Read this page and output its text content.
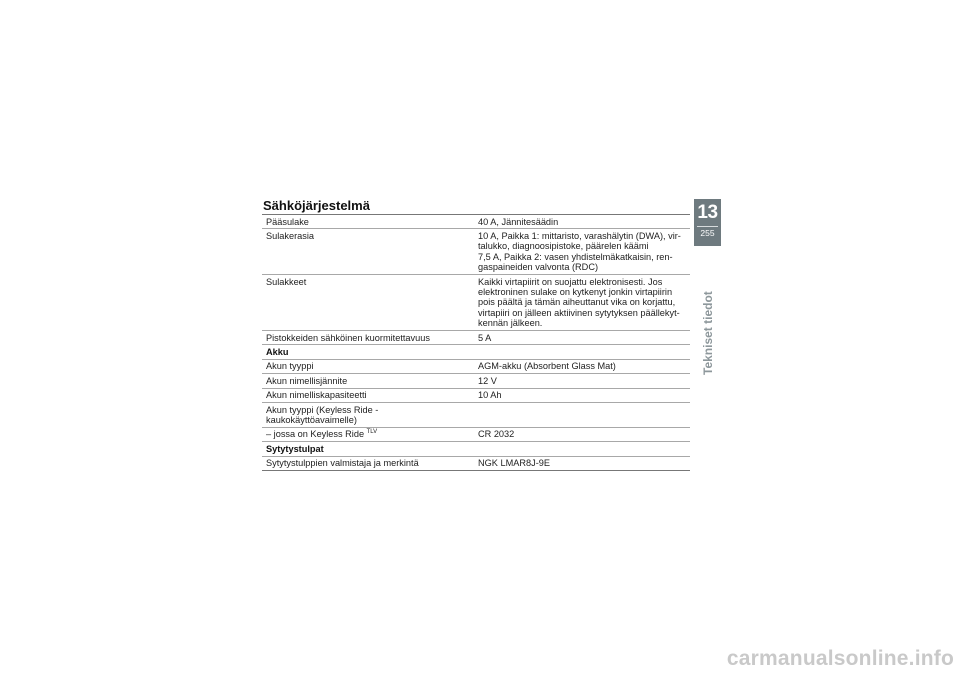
Sähköjärjestelmä
Pääsulake	40 A, Jännitesäädin
Sulakerasia	10 A, Paikka 1: mittaristo, varashälytin (DWA), vir-
talukko, diagnoosipistoke, päärelen käämi
7,5 A, Paikka 2: vasen yhdistelmäkatkaisin, ren-
gaspaineiden valvonta (RDC)
Sulakkeet	Kaikki virtapiirit on suojattu elektronisesti. Jos
elektroninen sulake on kytkenyt jonkin virtapiirin
pois päältä ja tämän aiheuttanut vika on korjattu,
virtapiiri on jälleen aktiivinen sytytyksen päällekyt-
kennän jälkeen.
Pistokkeiden sähköinen kuormitettavuus	5 A
Akku	
Akun tyyppi	AGM-akku (Absorbent Glass Mat)
Akun nimellisjännite	12 V
Akun nimelliskapasiteetti	10 Ah
Akun tyyppi (Keyless Ride -kaukokäyttöavaimelle)	
– jossa on Keyless Ride $^{TLV}$	CR 2032
Sytytystulpat	
Sytytystulppien valmistaja ja merkintä	NGK LMAR8J-9E
13
255
Tekniset tiedot
carmanualsonline.info
